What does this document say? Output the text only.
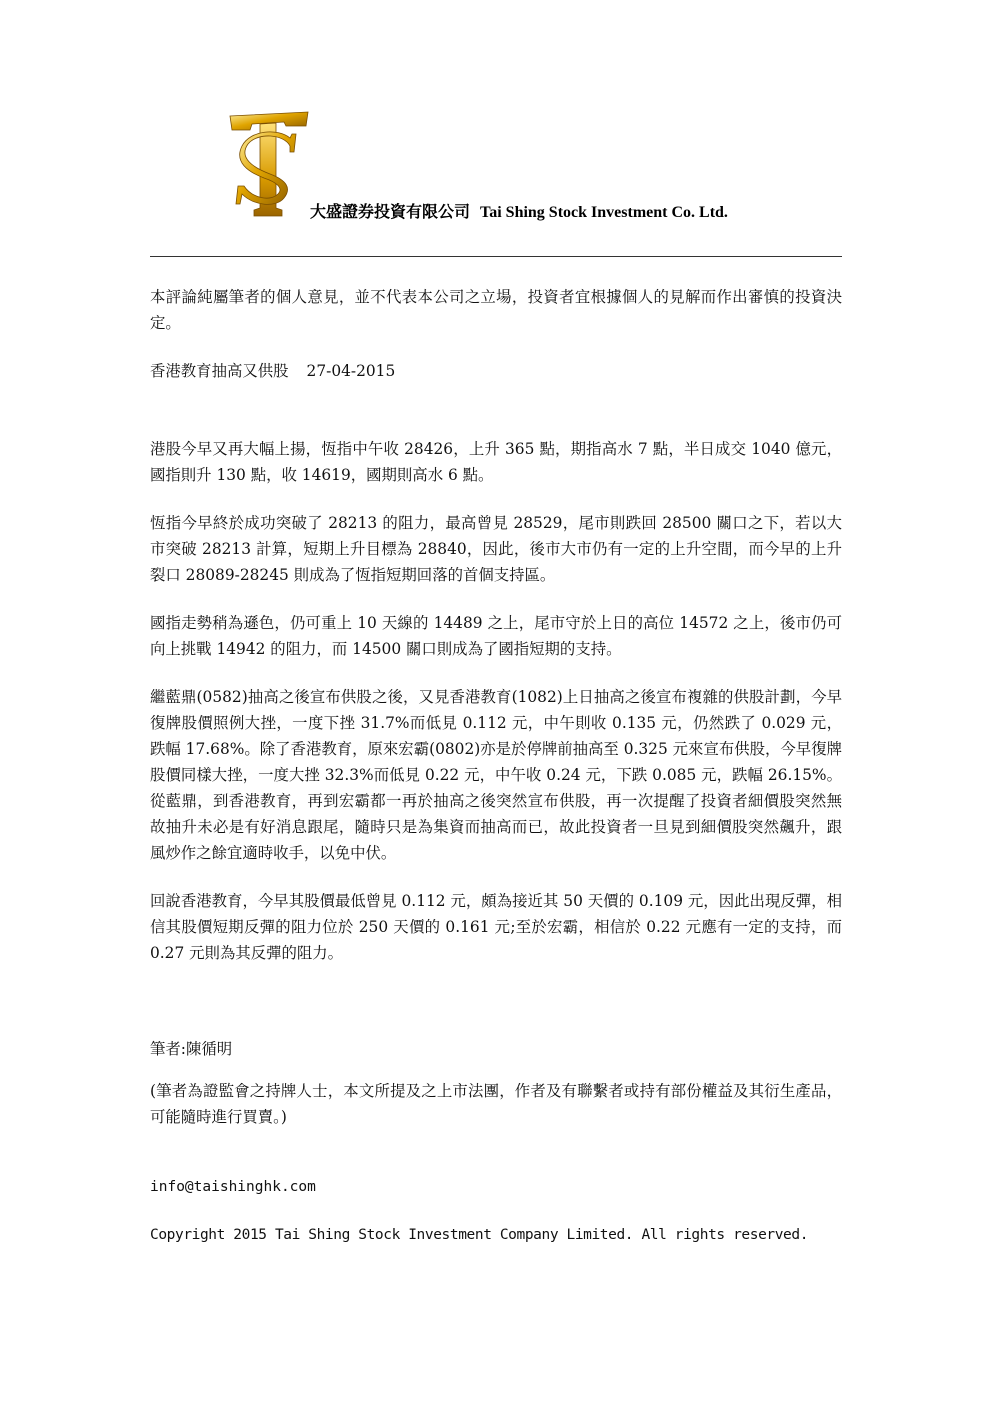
大盛證券投資有限公司 Tai Shing Stock Investment Co. Ltd.

本評論純屬筆者的個人意見，並不代表本公司之立場，投資者宜根據個人的見解而作出審慎的投資決定。

香港教育抽高又供股 27-04-2015

港股今早又再大幅上揚，恆指中午收 28426，上升 365 點，期指高水 7 點，半日成交 1040 億元，國指則升 130 點，收 14619，國期則高水 6 點。

恆指今早終於成功突破了 28213 的阻力，最高曾見 28529，尾市則跌回 28500 關口之下，若以大市突破 28213 計算，短期上升目標為 28840，因此，後市大市仍有一定的上升空間，而今早的上升裂口 28089-28245 則成為了恆指短期回落的首個支持區。

國指走勢稍為遜色，仍可重上 10 天線的 14489 之上，尾市守於上日的高位 14572 之上，後市仍可向上挑戰 14942 的阻力，而 14500 關口則成為了國指短期的支持。

繼藍鼎(0582)抽高之後宣布供股之後，又見香港教育(1082)上日抽高之後宣布複雜的供股計劃，今早復牌股價照例大挫，一度下挫 31.7%而低見 0.112 元，中午則收 0.135 元，仍然跌了 0.029 元，跌幅 17.68%。除了香港教育，原來宏霸(0802)亦是於停牌前抽高至 0.325 元來宣布供股，今早復牌股價同樣大挫，一度大挫 32.3%而低見 0.22 元，中午收 0.24 元，下跌 0.085 元，跌幅 26.15%。從藍鼎，到香港教育，再到宏霸都一再於抽高之後突然宣布供股，再一次提醒了投資者細價股突然無故抽升未必是有好消息跟尾，隨時只是為集資而抽高而已，故此投資者一旦見到細價股突然飆升，跟風炒作之餘宜適時收手，以免中伏。

回說香港教育，今早其股價最低曾見 0.112 元，頗為接近其 50 天價的 0.109 元，因此出現反彈，相信其股價短期反彈的阻力位於 250 天價的 0.161 元;至於宏霸，相信於 0.22 元應有一定的支持，而 0.27 元則為其反彈的阻力。

筆者:陳循明

(筆者為證監會之持牌人士，本文所提及之上市法團，作者及有聯繫者或持有部份權益及其衍生產品，可能隨時進行買賣。)

info@taishinghk.com

Copyright 2015 Tai Shing Stock Investment Company Limited. All rights reserved.
